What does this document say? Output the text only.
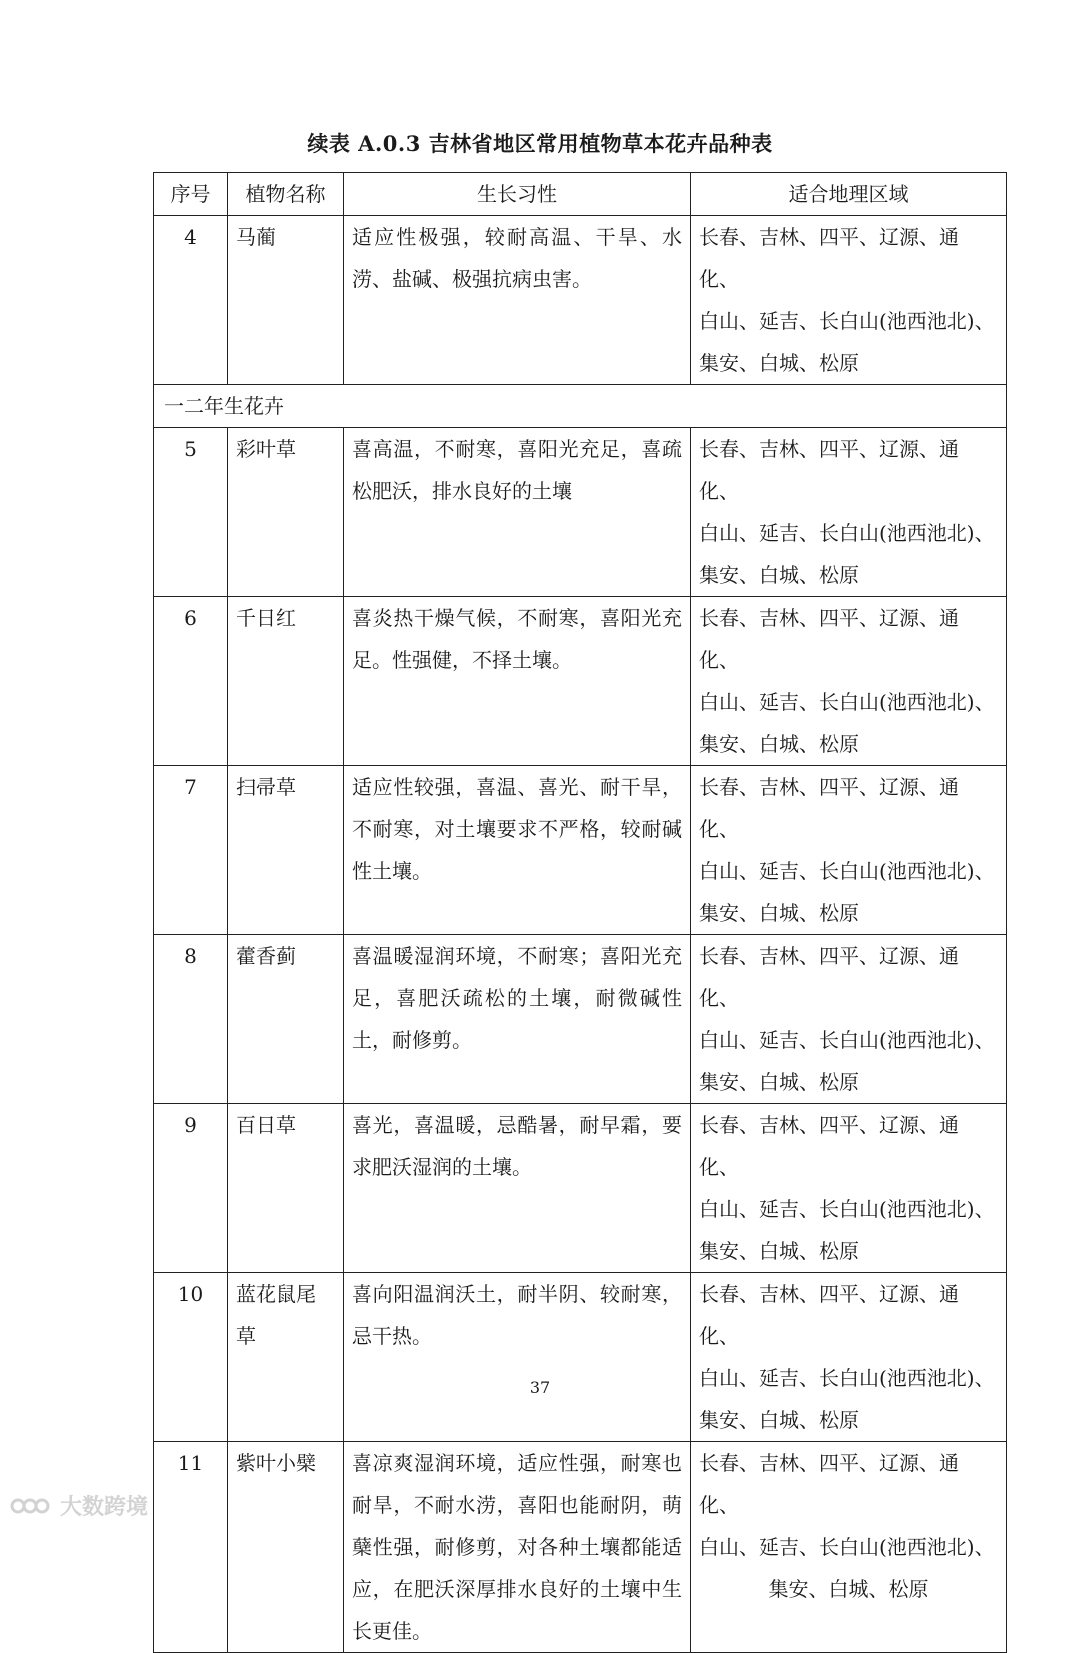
续表 A.0.3 吉林省地区常用植物草本花卉品种表
序号	植物名称	生长习性	适合地理区域
4	马蔺	适应性极强，较耐高温、干旱、水涝、盐碱、极强抗病虫害。	长春、吉林、四平、辽源、通化、
白山、延吉、长白山(池西池北)、
集安、白城、松原

一二年生花卉			
5	彩叶草	喜高温，不耐寒，喜阳光充足，喜疏松肥沃，排水良好的土壤	长春、吉林、四平、辽源、通化、
白山、延吉、长白山(池西池北)、
集安、白城、松原

6	千日红	喜炎热干燥气候，不耐寒，喜阳光充足。性强健，不择土壤。	长春、吉林、四平、辽源、通化、
白山、延吉、长白山(池西池北)、
集安、白城、松原

7	扫帚草	适应性较强，喜温、喜光、耐干旱，不耐寒，对土壤要求不严格，较耐碱性土壤。	长春、吉林、四平、辽源、通化、
白山、延吉、长白山(池西池北)、
集安、白城、松原

8	藿香蓟	喜温暖湿润环境，不耐寒；喜阳光充足，喜肥沃疏松的土壤，耐微碱性土，耐修剪。	长春、吉林、四平、辽源、通化、
白山、延吉、长白山(池西池北)、
集安、白城、松原

9	百日草	喜光，喜温暖，忌酷暑，耐早霜，要求肥沃湿润的土壤。	长春、吉林、四平、辽源、通化、
白山、延吉、长白山(池西池北)、
集安、白城、松原

10	蓝花鼠尾草	喜向阳温润沃土，耐半阴、较耐寒，忌干热。	长春、吉林、四平、辽源、通化、
白山、延吉、长白山(池西池北)、
集安、白城、松原

11	紫叶小檗	喜凉爽湿润环境，适应性强，耐寒也耐旱，不耐水涝，喜阳也能耐阴，萌蘖性强，耐修剪，对各种土壤都能适应，在肥沃深厚排水良好的土壤中生长更佳。	长春、吉林、四平、辽源、通化、
白山、延吉、长白山(池西池北)、
集安、白城、松原
37
大数跨境
